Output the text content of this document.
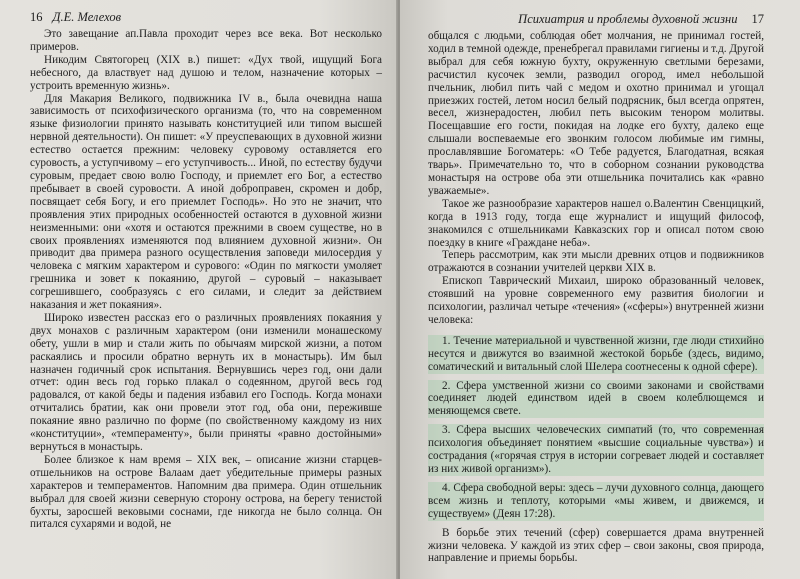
16 Д.Е. Мелехов

Это завещание ап.Павла проходит через все века. Вот несколько примеров.

Никодим Святогорец (XIX в.) пишет: «Дух твой, ищущий Бога небесного, да властвует над душою и телом, назначение которых – устроить временную жизнь».

Для Макария Великого, подвижника IV в., была очевидна наша зависимость от психофизического организма (то, что на современном языке физиологии принято называть конституцией или типом высшей нервной деятельности). Он пишет: «У преуспевающих в духовной жизни естество остается прежним: человеку суровому оставляется его суровость, а уступчивому – его уступчивость... Иной, по естеству будучи суровым, предает свою волю Господу, и приемлет его Бог, а естество пребывает в своей суровости. А иной доброправен, скромен и добр, посвящает себя Богу, и его приемлет Господь». Но это не значит, что проявления этих природных особенностей остаются в духовной жизни неизменными: они «хотя и остаются прежними в своем существе, но в своих проявлениях изменяются под влиянием духовной жизни». Он приводит два примера разного осуществления заповеди милосердия у человека с мягким характером и сурового: «Один по мягкости умоляет грешника и зовет к покаянию, другой – суровый – наказывает согрешившего, сообразуясь с его силами, и следит за действием наказания и жет покаяния».

Широко известен рассказ его о различных проявлениях покаяния у двух монахов с различным характером (они изменили монашескому обету, ушли в мир и стали жить по обычаям мирской жизни, а потом раскаялись и просили обратно вернуть их в монастырь). Им был назначен годичный срок испытания. Вернувшись через год, они дали отчет: один весь год горько плакал о содеянном, другой весь год радовался, от какой беды и падения избавил его Господь. Когда монахи отчитались братии, как они провели этот год, оба они, переживше покаяние явно различно по форме (по свойственному каждому из них «конституции», «темпераменту», были приняты «равно достойными» вернуться в монастырь.

Более близкое к нам время – XIX век, – описание жизни старцев-отшельников на острове Валаам дает убедительные примеры разных характеров и темпераментов. Напомним два примера. Один отшельник выбрал для своей жизни северную сторону острова, на берегу тенистой бухты, заросшей вековыми соснами, где никогда не было солнца. Он питался сухарями и водой, не

Психиатрия и проблемы духовной жизни 17

общался с людьми, соблюдая обет молчания, не принимал гостей, ходил в темной одежде, пренебрегал правилами гигиены и т.д. Другой выбрал для себя южную бухту, окруженную светлыми березами, расчистил кусочек земли, разводил огород, имел небольшой пчельник, любил пить чай с медом и охотно принимал и угощал приезжих гостей, летом носил белый подрясник, был всегда опрятен, весел, жизнерадостен, любил петь высоким тенором молитвы. Посещавшие его гости, покидая на лодке его бухту, далеко еще слышали воспеваемые его звонким голосом любимые им гимны, прославлявшие Богоматерь: «О Тебе радуется, Благодатная, всякая тварь». Примечательно то, что в соборном сознании руководства монастыря на острове оба эти отшельника почитались как «равно уважаемые».

Такое же разнообразие характеров нашел о.Валентин Свенцицкий, когда в 1913 году, тогда еще журналист и ищущий философ, знакомился с отшельниками Кавказских гор и описал потом свою поездку в книге «Граждане неба».

Теперь рассмотрим, как эти мысли древних отцов и подвижников отражаются в сознании учителей церкви XIX в.

Епископ Таврический Михаил, широко образованный человек, стоявший на уровне современного ему развития биологии и психологии, различал четыре «течения» («сферы») внутренней жизни человека:

1. Течение материальной и чувственной жизни, где люди стихийно несутся и движутся во взаимной жестокой борьбе (здесь, видимо, соматический и витальный слой Шелера соотнесены к одной сфере).

2. Сфера умственной жизни со своими законами и свойствами соединяет людей единством идей в своем колеблющемся и меняющемся свете.

3. Сфера высших человеческих симпатий (то, что современная психология объединяет понятием «высшие социальные чувства») и сострадания («горячая струя в истории согревает людей и составляет из них живой организм»).

4. Сфера свободной веры: здесь – лучи духовного солнца, дающего всем жизнь и теплоту, которыми «мы живем, и движемся, и существуем» (Деян 17:28).

В борьбе этих течений (сфер) совершается драма внутренней жизни человека. У каждой из этих сфер – свои законы, своя природа, направление и приемы борьбы.
